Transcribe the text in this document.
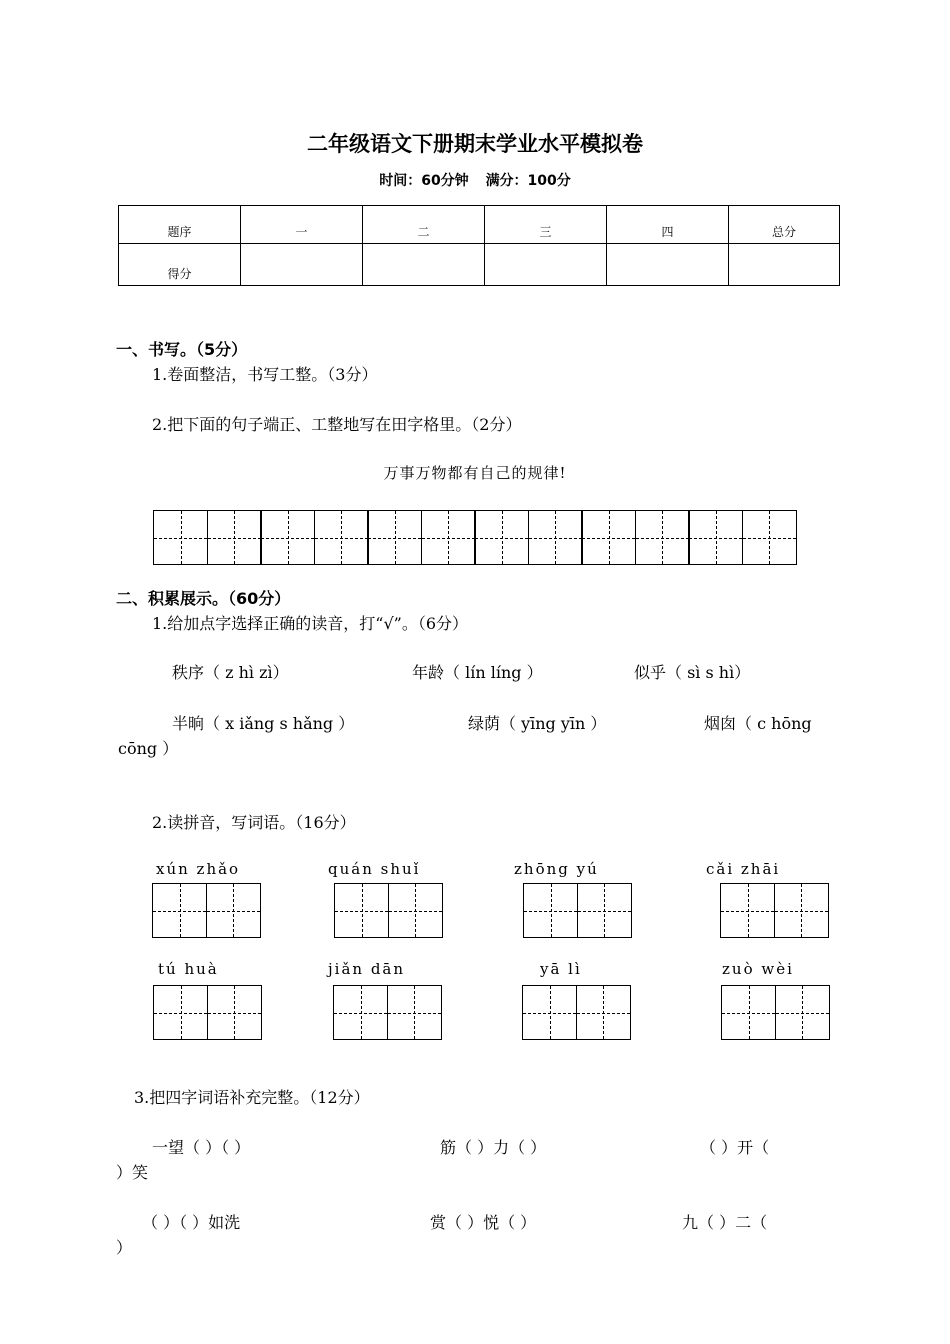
二年级语文下册期末学业水平模拟卷
时间：60分钟 满分：100分
题序	一	二	三	四	总分
得分					
一、书写。（5分）
1.卷面整洁，书写工整。（3分）
2.把下面的句子端正、工整地写在田字格里。（2分）
万事万物都有自己的规律!
二、积累展示。（60分）
1.给加点字选择正确的读音，打“√”。（6分）
秩序（ z hì zì）	年龄（ lín líng ）	似乎（ sì s hì）
半晌（ x iǎng s hǎng ）	绿荫（ yīng yīn ）	烟囱（ c hōng
cōng ）
2.读拼音，写词语。（16分）
xún zhǎo	quán shuǐ	zhōng yú	cǎi zhāi
tú huà	jiǎn dān	yā lì	zuò wèi
3.把四字词语补充完整。（12分）
一望（ ）（ ）	筋（ ）力（ ）	（ ）开（
）笑
（ ）（ ）如洗	赏（ ）悦（ ）	九（ ）二（
）
